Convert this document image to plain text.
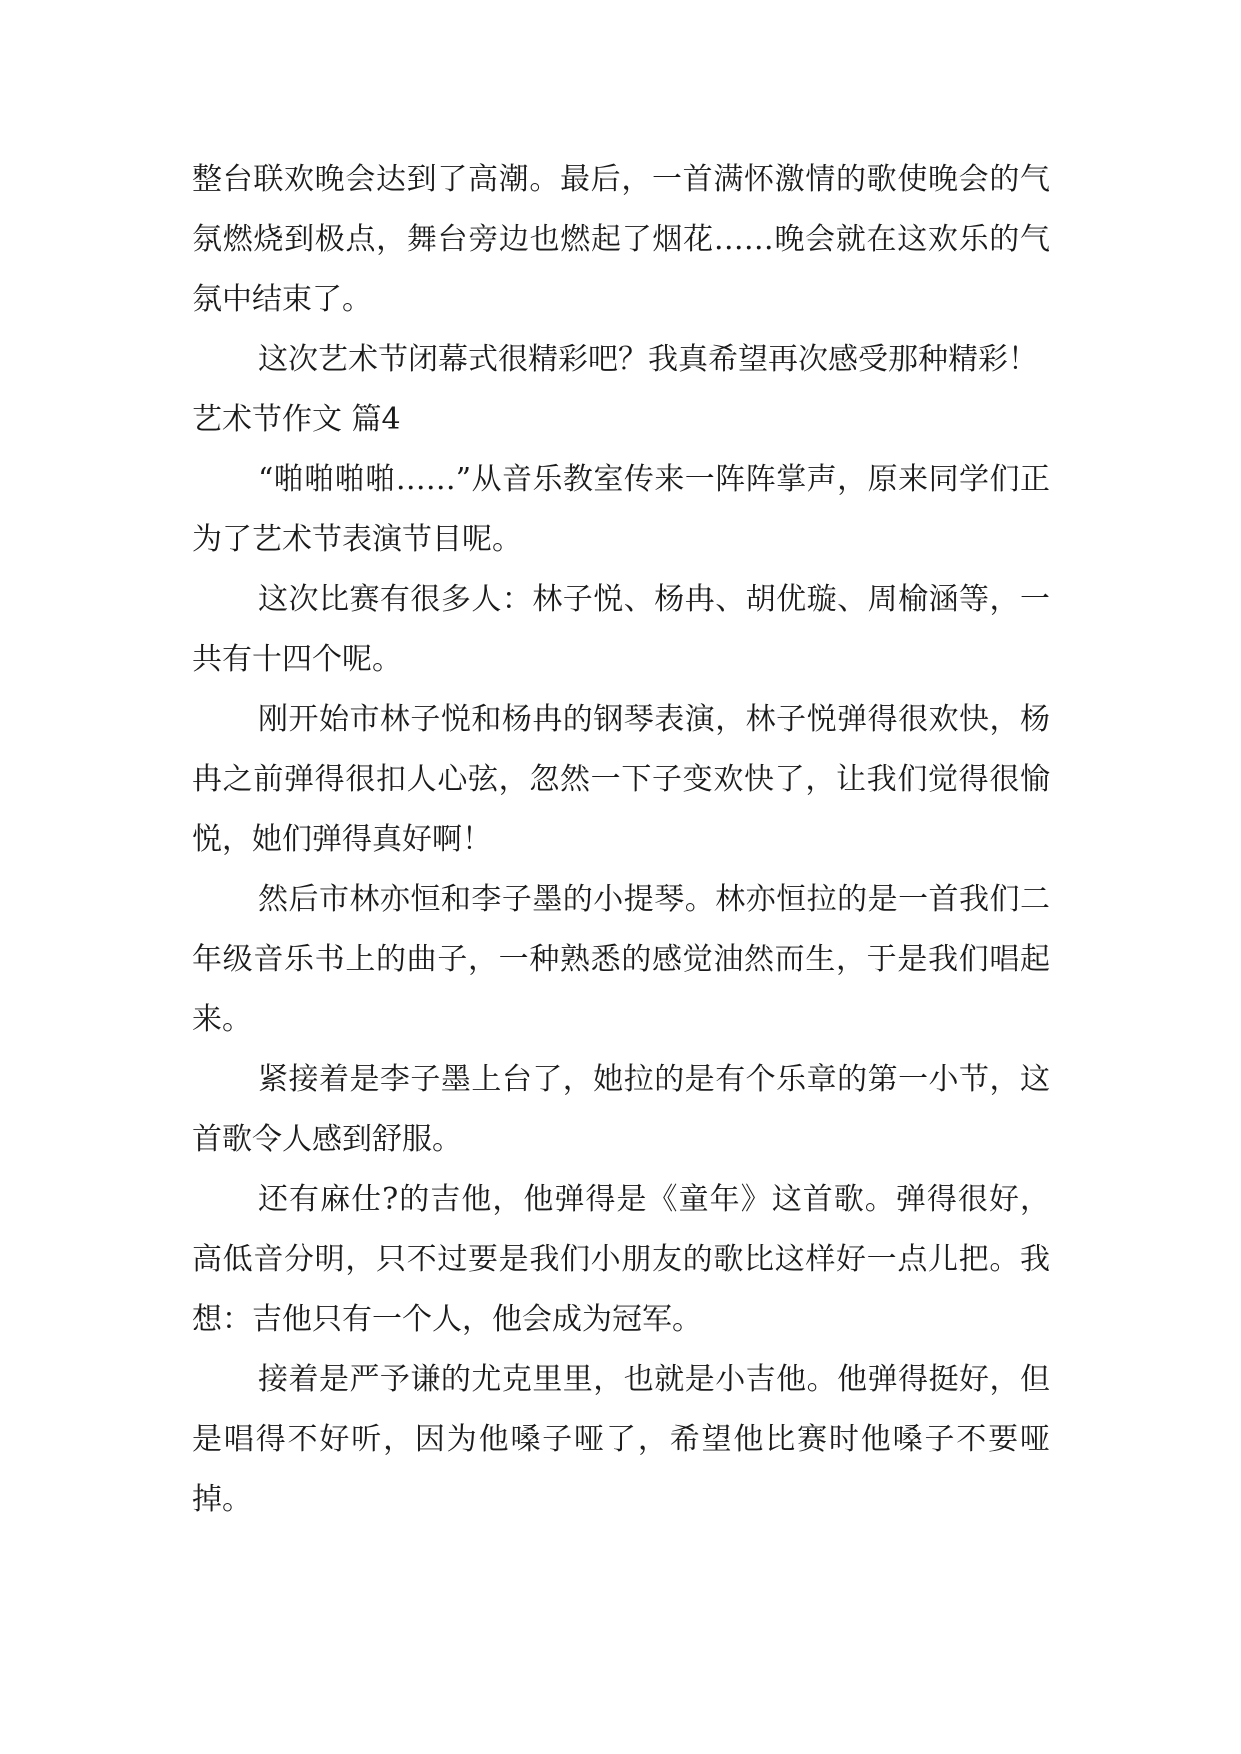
整台联欢晚会达到了高潮。最后，一首满怀激情的歌使晚会的气氛燃烧到极点，舞台旁边也燃起了烟花……晚会就在这欢乐的气氛中结束了。

这次艺术节闭幕式很精彩吧？我真希望再次感受那种精彩！

艺术节作文 篇4

“啪啪啪啪……”从音乐教室传来一阵阵掌声，原来同学们正为了艺术节表演节目呢。

这次比赛有很多人：林子悦、杨冉、胡优璇、周榆涵等，一共有十四个呢。

刚开始市林子悦和杨冉的钢琴表演，林子悦弹得很欢快，杨冉之前弹得很扣人心弦，忽然一下子变欢快了，让我们觉得很愉悦，她们弹得真好啊！

然后市林亦恒和李子墨的小提琴。林亦恒拉的是一首我们二年级音乐书上的曲子，一种熟悉的感觉油然而生，于是我们唱起来。

紧接着是李子墨上台了，她拉的是有个乐章的第一小节，这首歌令人感到舒服。

还有麻仕?的吉他，他弹得是《童年》这首歌。弹得很好，高低音分明，只不过要是我们小朋友的歌比这样好一点儿把。我想：吉他只有一个人，他会成为冠军。

接着是严予谦的尤克里里，也就是小吉他。他弹得挺好，但是唱得不好听，因为他嗓子哑了，希望他比赛时他嗓子不要哑掉。
